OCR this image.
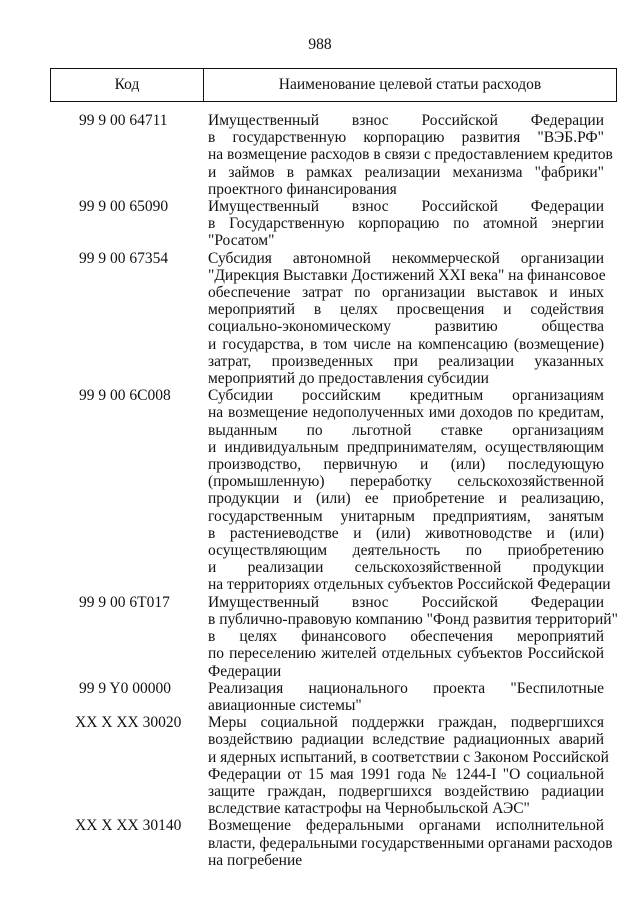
988
Код	Наименование целевой статьи расходов
99 9 00 64711	Имущественный взнос Российской Федерации
в государственную корпорацию развития "ВЭБ.РФ"
на возмещение расходов в связи с предоставлением кредитов
и займов в рамках реализации механизма "фабрики"
проектного финансирования
99 9 00 65090	Имущественный взнос Российской Федерации
в Государственную корпорацию по атомной энергии
"Росатом"
99 9 00 67354	Субсидия автономной некоммерческой организации
"Дирекция Выставки Достижений XXI века" на финансовое
обеспечение затрат по организации выставок и иных
мероприятий в целях просвещения и содействия
социально-экономическому развитию общества
и государства, в том числе на компенсацию (возмещение)
затрат, произведенных при реализации указанных
мероприятий до предоставления субсидии
99 9 00 6С008	Субсидии российским кредитным организациям
на возмещение недополученных ими доходов по кредитам,
выданным по льготной ставке организациям
и индивидуальным предпринимателям, осуществляющим
производство, первичную и (или) последующую
(промышленную) переработку сельскохозяйственной
продукции и (или) ее приобретение и реализацию,
государственным унитарным предприятиям, занятым
в растениеводстве и (или) животноводстве и (или)
осуществляющим деятельность по приобретению
и реализации сельскохозяйственной продукции
на территориях отдельных субъектов Российской Федерации
99 9 00 6Т017	Имущественный взнос Российской Федерации
в публично-правовую компанию "Фонд развития территорий"
в целях финансового обеспечения мероприятий
по переселению жителей отдельных субъектов Российской
Федерации
99 9 Y0 00000	Реализация национального проекта "Беспилотные
авиационные системы"
XX X XX 30020	Меры социальной поддержки граждан, подвергшихся
воздействию радиации вследствие радиационных аварий
и ядерных испытаний, в соответствии с Законом Российской
Федерации от 15 мая 1991 года № 1244-I "О социальной
защите граждан, подвергшихся воздействию радиации
вследствие катастрофы на Чернобыльской АЭС"
XX X XX 30140	Возмещение федеральными органами исполнительной
власти, федеральными государственными органами расходов
на погребение
